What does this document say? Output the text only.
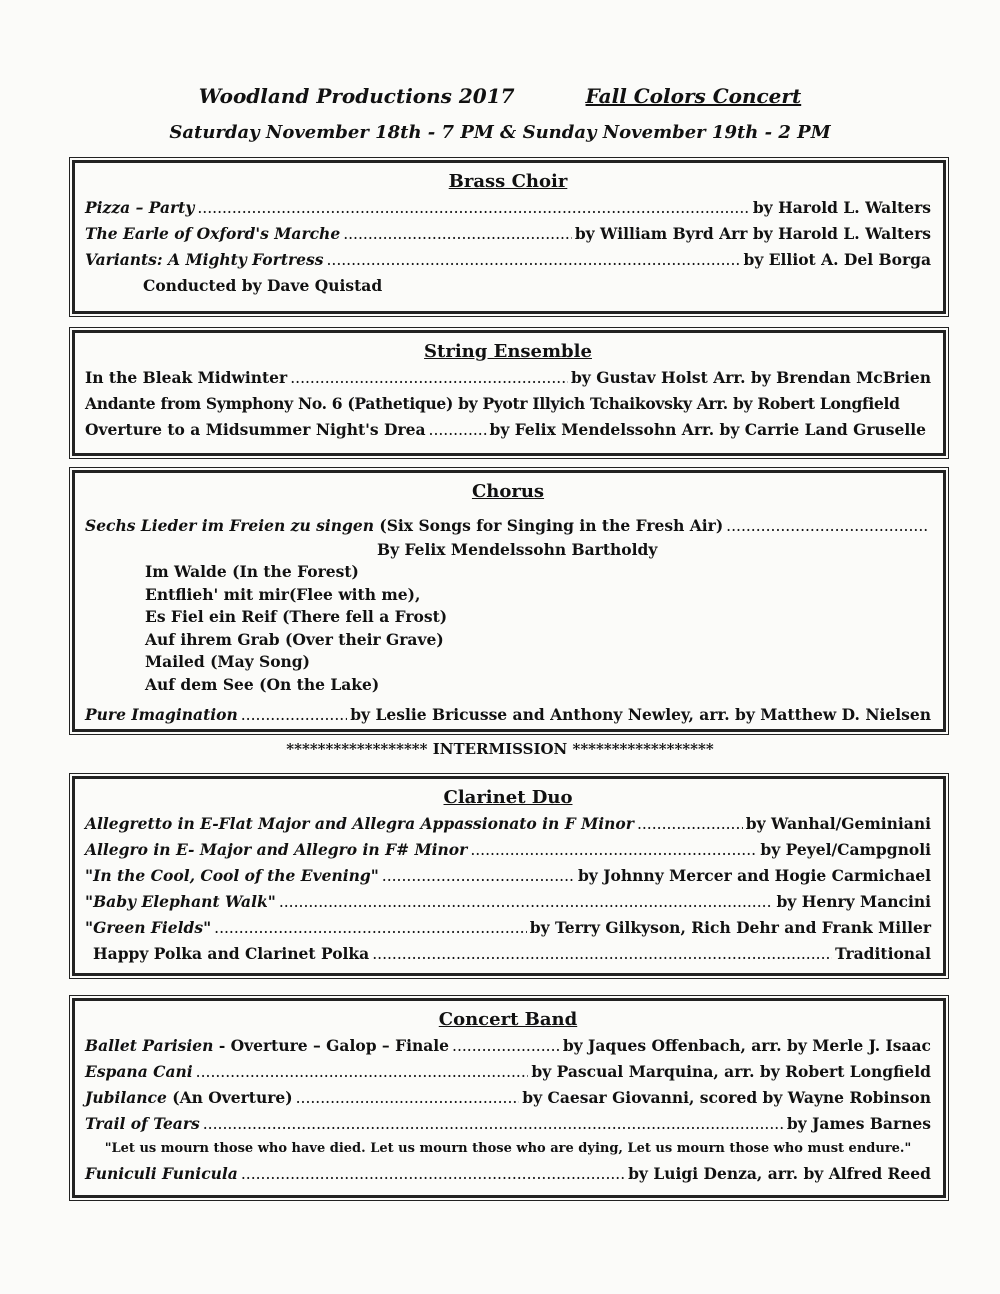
Woodland Productions 2017	Fall Colors Concert
Saturday November 18th - 7 PM & Sunday November 19th - 2 PM
Brass Choir
Pizza – Party .....	by Harold L. Walters
The Earle of Oxford's Marche .....	by William Byrd Arr by Harold L. Walters
Variants: A Mighty Fortress .....	by Elliot A. Del Borga
Conducted by Dave Quistad
String Ensemble
In the Bleak Midwinter .....	by Gustav Holst Arr. by Brendan McBrien
Andante from Symphony No. 6 (Pathetique) by Pyotr Illyich Tchaikovsky Arr. by Robert Longfield
Overture to a Midsummer Night's Drea .....	by Felix Mendelssohn Arr. by Carrie Land Gruselle
Chorus
Sechs Lieder im Freien zu singen (Six Songs for Singing in the Fresh Air)
.....
By Felix Mendelssohn Bartholdy
Im Walde (In the Forest)
Entflieh' mit mir(Flee with me),
Es Fiel ein Reif (There fell a Frost)
Auf ihrem Grab (Over their Grave)
Mailed (May Song)
Auf dem See (On the Lake)
Pure Imagination .....	by Leslie Bricusse and Anthony Newley, arr. by Matthew D. Nielsen
****************** INTERMISSION ******************
Clarinet Duo
Allegretto in E-Flat Major and Allegra Appassionato in F Minor .....	by Wanhal/Geminiani
Allegro in E- Major and Allegro in F# Minor .....	by Peyel/Campgnoli
"In the Cool, Cool of the Evening" .....	by Johnny Mercer and Hogie Carmichael
"Baby Elephant Walk" .....	by Henry Mancini
"Green Fields" .....	by Terry Gilkyson, Rich Dehr and Frank Miller
Happy Polka and Clarinet Polka .....	Traditional
Concert Band
Ballet Parisien - Overture – Galop – Finale .....	by Jaques Offenbach, arr. by Merle J. Isaac
Espana Cani .....	by Pascual Marquina, arr. by Robert Longfield
Jubilance (An Overture) .....	by Caesar Giovanni, scored by Wayne Robinson
Trail of Tears .....	by James Barnes
"Let us mourn those who have died. Let us mourn those who are dying, Let us mourn those who must endure."
Funiculi Funicula .....	by Luigi Denza, arr. by Alfred Reed
